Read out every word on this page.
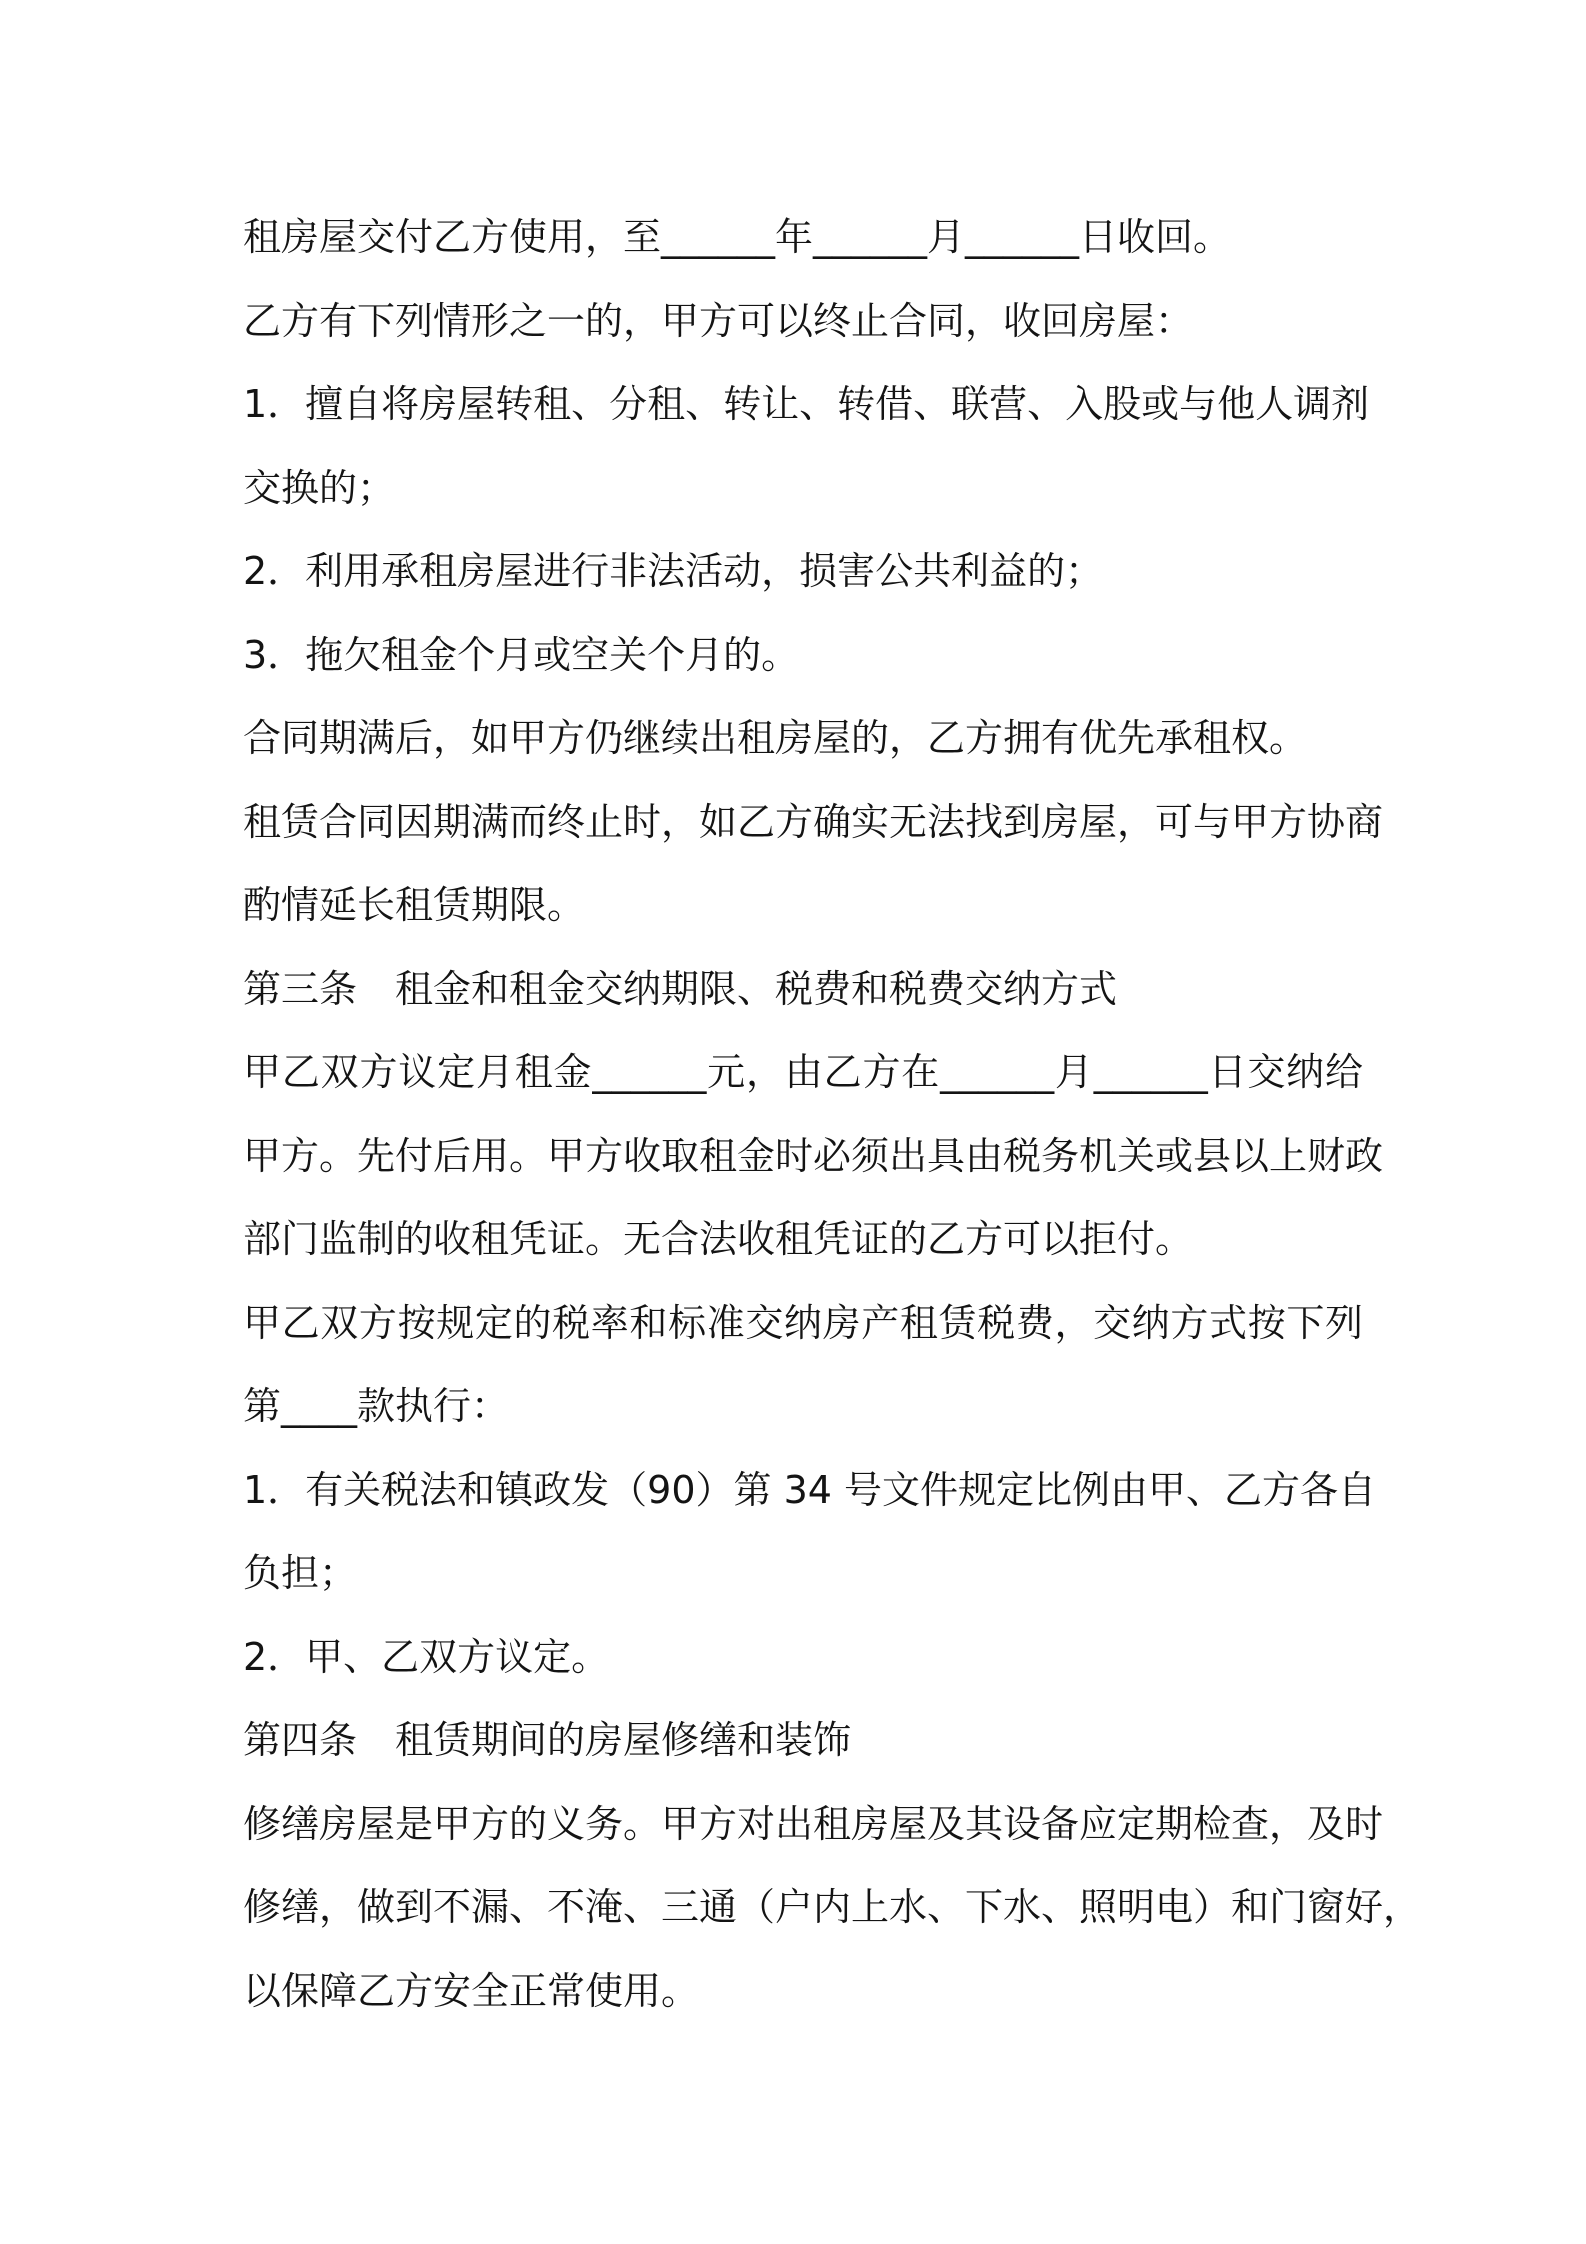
租房屋交付乙方使用，至______年______月______日收回。

乙方有下列情形之一的，甲方可以终止合同，收回房屋：

1．擅自将房屋转租、分租、转让、转借、联营、入股或与他人调剂

交换的；

2．利用承租房屋进行非法活动，损害公共利益的；

3．拖欠租金个月或空关个月的。

合同期满后，如甲方仍继续出租房屋的，乙方拥有优先承租权。

租赁合同因期满而终止时，如乙方确实无法找到房屋，可与甲方协商

酌情延长租赁期限。

第三条　租金和租金交纳期限、税费和税费交纳方式

甲乙双方议定月租金______元，由乙方在______月______日交纳给

甲方。先付后用。甲方收取租金时必须出具由税务机关或县以上财政

部门监制的收租凭证。无合法收租凭证的乙方可以拒付。

甲乙双方按规定的税率和标准交纳房产租赁税费，交纳方式按下列

第____款执行：

1．有关税法和镇政发（90）第 34 号文件规定比例由甲、乙方各自

负担；

2．甲、乙双方议定。

第四条　租赁期间的房屋修缮和装饰

修缮房屋是甲方的义务。甲方对出租房屋及其设备应定期检查，及时

修缮，做到不漏、不淹、三通（户内上水、下水、照明电）和门窗好，

以保障乙方安全正常使用。
